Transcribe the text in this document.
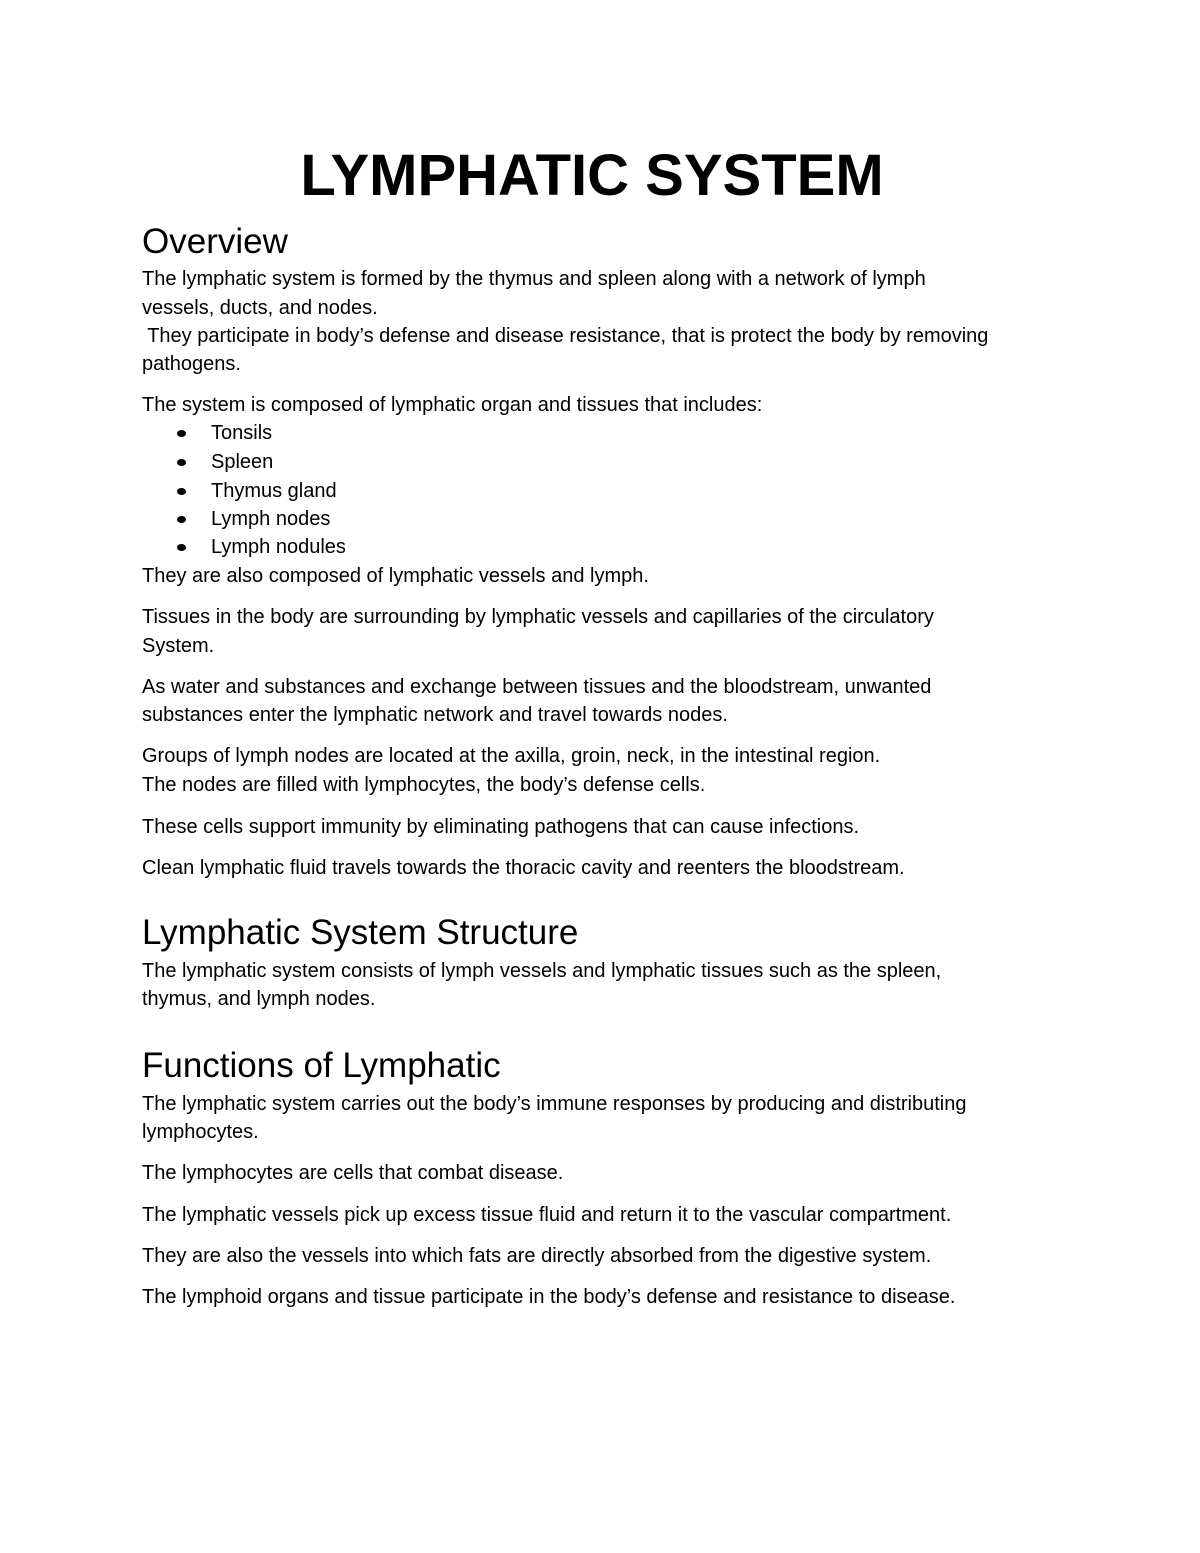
LYMPHATIC SYSTEM
Overview

The lymphatic system is formed by the thymus and spleen along with a network of lymph

vessels, ducts, and nodes.

They participate in body’s defense and disease resistance, that is protect the body by removing

pathogens.

The system is composed of lymphatic organ and tissues that includes:

Tonsils
Spleen
Thymus gland
Lymph nodes
Lymph nodules

They are also composed of lymphatic vessels and lymph.

Tissues in the body are surrounding by lymphatic vessels and capillaries of the circulatory

System.

As water and substances and exchange between tissues and the bloodstream, unwanted

substances enter the lymphatic network and travel towards nodes.

Groups of lymph nodes are located at the axilla, groin, neck, in the intestinal region.

The nodes are filled with lymphocytes, the body’s defense cells.

These cells support immunity by eliminating pathogens that can cause infections.

Clean lymphatic fluid travels towards the thoracic cavity and reenters the bloodstream.

Lymphatic System Structure

The lymphatic system consists of lymph vessels and lymphatic tissues such as the spleen,

thymus, and lymph nodes.

Functions of Lymphatic

The lymphatic system carries out the body’s immune responses by producing and distributing

lymphocytes.

The lymphocytes are cells that combat disease.

The lymphatic vessels pick up excess tissue fluid and return it to the vascular compartment.

They are also the vessels into which fats are directly absorbed from the digestive system.

The lymphoid organs and tissue participate in the body’s defense and resistance to disease.
